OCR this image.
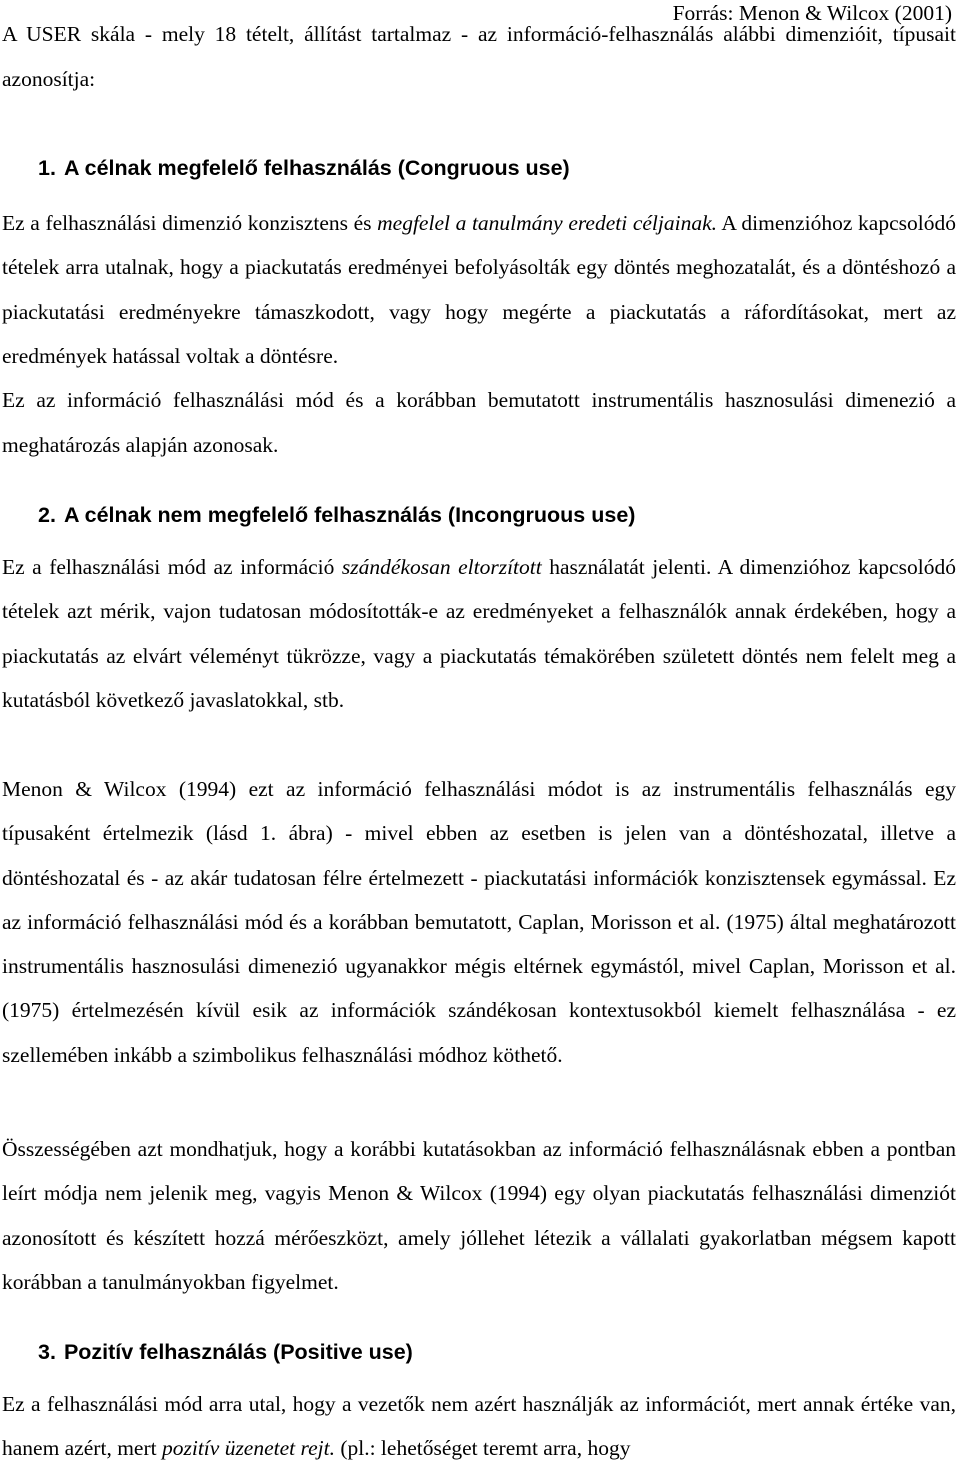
Forrás: Menon & Wilcox (2001)
A USER skála - mely 18 tételt, állítást tartalmaz - az információ-felhasználás alábbi dimenzióit, típusait azonosítja:
1. A célnak megfelelő felhasználás (Congruous use)
Ez a felhasználási dimenzió konzisztens és megfelel a tanulmány eredeti céljainak. A dimenzióhoz kapcsolódó tételek arra utalnak, hogy a piackutatás eredményei befolyásolták egy döntés meghozatalát, és a döntéshozó a piackutatási eredményekre támaszkodott, vagy hogy megérte a piackutatás a ráfordításokat, mert az eredmények hatással voltak a döntésre.
Ez az információ felhasználási mód és a korábban bemutatott instrumentális hasznosulási dimenezió a meghatározás alapján azonosak.
2. A célnak nem megfelelő felhasználás (Incongruous use)
Ez a felhasználási mód az információ szándékosan eltorzított használatát jelenti. A dimenzióhoz kapcsolódó tételek azt mérik, vajon tudatosan módosították-e az eredményeket a felhasználók annak érdekében, hogy a piackutatás az elvárt véleményt tükrözze, vagy a piackutatás témakörében született döntés nem felelt meg a kutatásból következő javaslatokkal, stb.
Menon & Wilcox (1994) ezt az információ felhasználási módot is az instrumentális felhasználás egy típusaként értelmezik (lásd 1. ábra) - mivel ebben az esetben is jelen van a döntéshozatal, illetve a döntéshozatal és - az akár tudatosan félre értelmezett - piackutatási információk konzisztensek egymással. Ez az információ felhasználási mód és a korábban bemutatott, Caplan, Morisson et al. (1975) által meghatározott instrumentális hasznosulási dimenezió ugyanakkor mégis eltérnek egymástól, mivel Caplan, Morisson et al. (1975) értelmezésén kívül esik az információk szándékosan kontextusokból kiemelt felhasználása - ez szellemében inkább a szimbolikus felhasználási módhoz köthető.
Összességében azt mondhatjuk, hogy a korábbi kutatásokban az információ felhasználásnak ebben a pontban leírt módja nem jelenik meg, vagyis Menon & Wilcox (1994) egy olyan piackutatás felhasználási dimenziót azonosított és készített hozzá mérőeszközt, amely jóllehet létezik a vállalati gyakorlatban mégsem kapott korábban a tanulmányokban figyelmet.
3. Pozitív felhasználás (Positive use)
Ez a felhasználási mód arra utal, hogy a vezetők nem azért használják az információt, mert annak értéke van, hanem azért, mert pozitív üzenetet rejt. (pl.: lehetőséget teremt arra, hogy
